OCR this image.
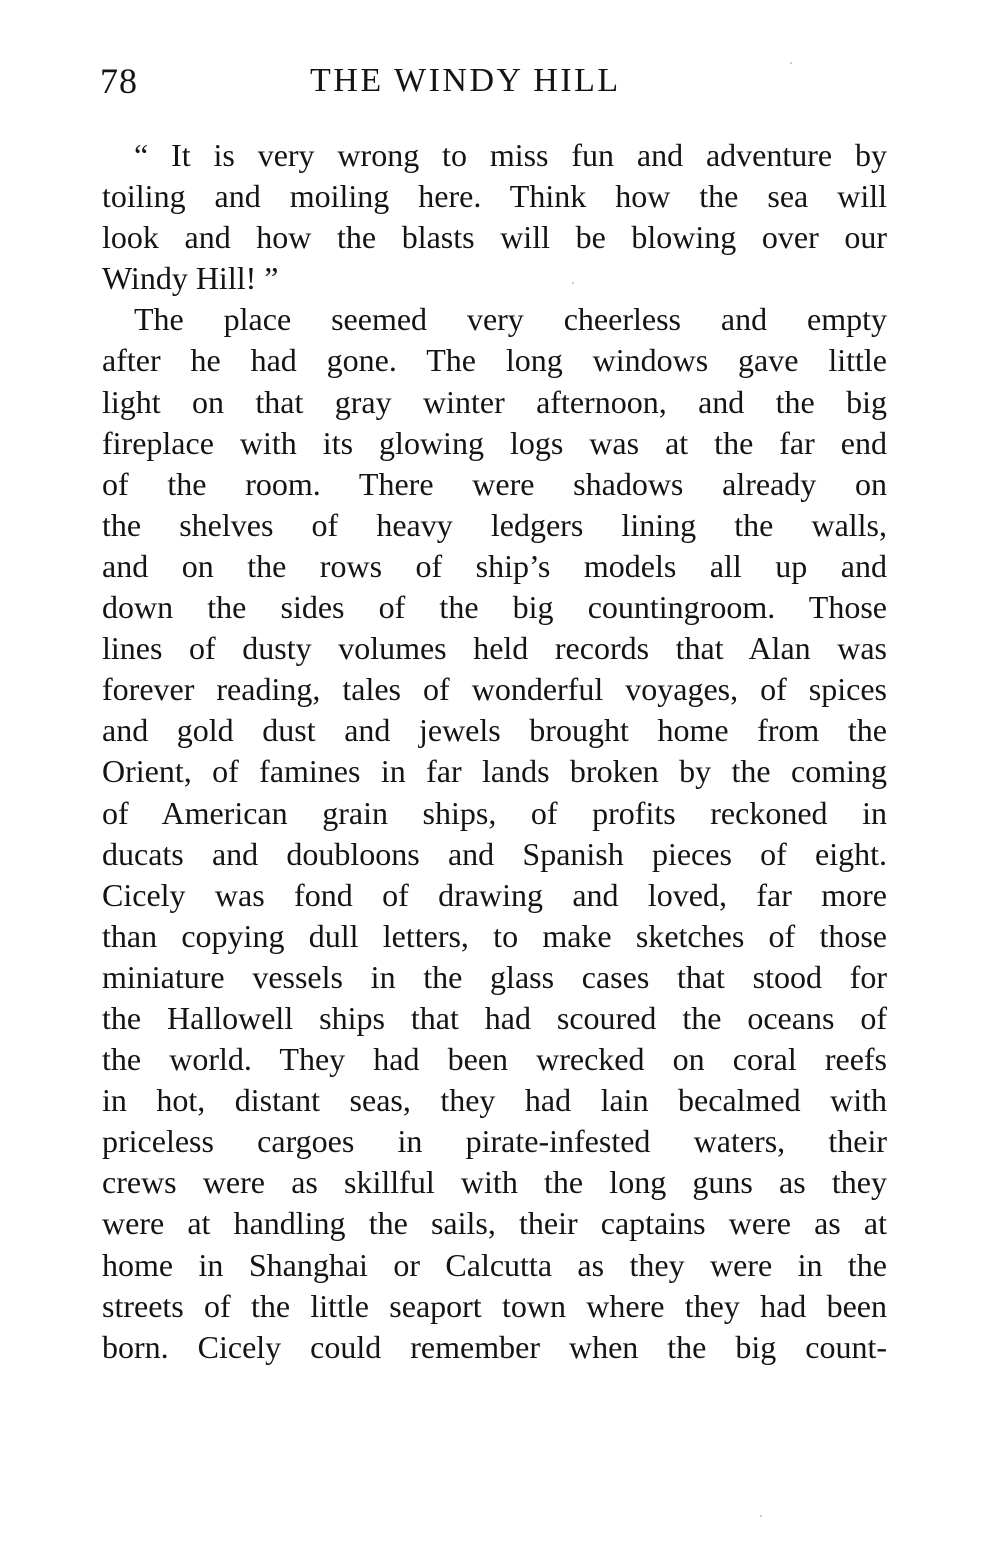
78	THE WINDY HILL
“ It is very wrong to miss fun and adventure by
toiling and moiling here. Think how the sea will
look and how the blasts will be blowing over our
Windy Hill! ”
The place seemed very cheerless and empty
after he had gone. The long windows gave little
light on that gray winter afternoon, and the big
fireplace with its glowing logs was at the far end
of the room. There were shadows already on
the shelves of heavy ledgers lining the walls,
and on the rows of ship’s models all up and
down the sides of the big countingroom. Those
lines of dusty volumes held records that Alan was
forever reading, tales of wonderful voyages, of spices
and gold dust and jewels brought home from the
Orient, of famines in far lands broken by the coming
of American grain ships, of profits reckoned in
ducats and doubloons and Spanish pieces of eight.
Cicely was fond of drawing and loved, far more
than copying dull letters, to make sketches of those
miniature vessels in the glass cases that stood for
the Hallowell ships that had scoured the oceans of
the world. They had been wrecked on coral reefs
in hot, distant seas, they had lain becalmed with
priceless cargoes in pirate-infested waters, their
crews were as skillful with the long guns as they
were at handling the sails, their captains were as at
home in Shanghai or Calcutta as they were in the
streets of the little seaport town where they had been
born. Cicely could remember when the big count-
